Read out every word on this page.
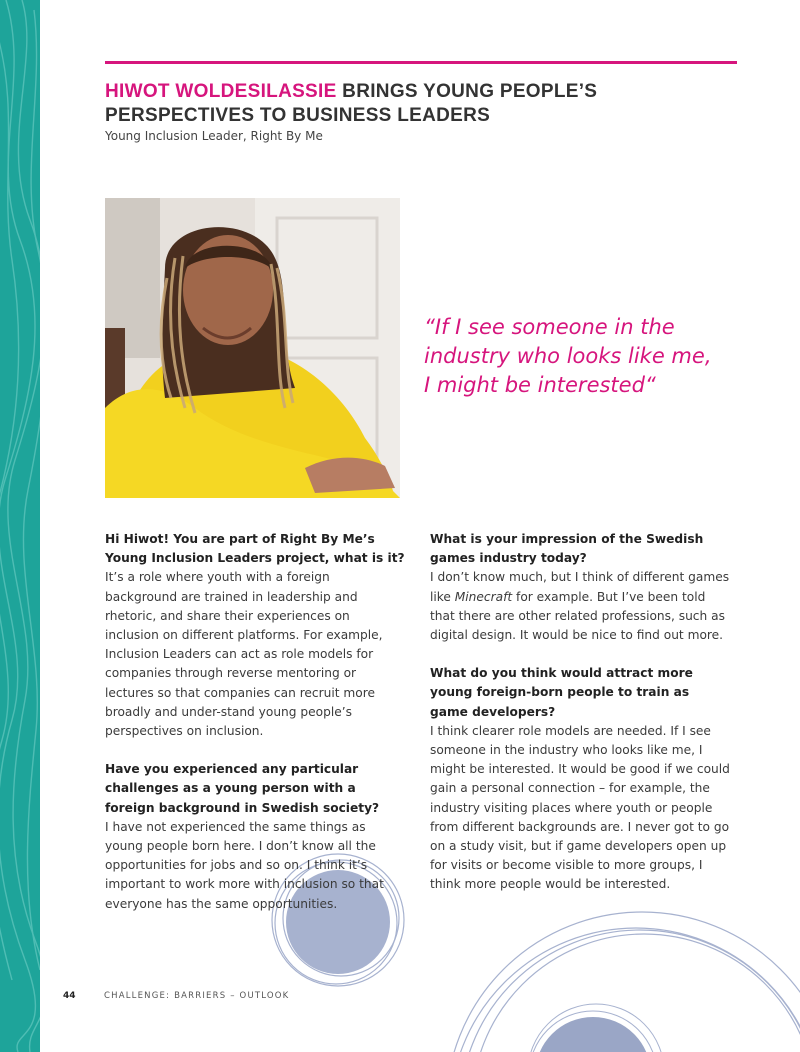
HIWOT WOLDESILASSIE BRINGS YOUNG PEOPLE’S PERSPECTIVES TO BUSINESS LEADERS
Young Inclusion Leader, Right By Me
“If I see someone in the industry who looks like me, I might be interested“

Hi Hiwot! You are part of Right By Me’s Young Inclusion Leaders project, what is it?

It’s a role where youth with a foreign background are trained in leadership and rhetoric, and share their experiences on inclusion on different platforms. For example, Inclusion Leaders can act as role models for companies through reverse mentoring or lectures so that companies can recruit more broadly and under-stand young people’s perspectives on inclusion.

Have you experienced any particular challenges as a young person with a foreign background in Swedish society?

I have not experienced the same things as young people born here. I don’t know all the opportunities for jobs and so on. I think it’s important to work more with inclusion so that everyone has the same opportunities.

What is your impression of the Swedish games industry today?

I don’t know much, but I think of different games like Minecraft for example. But I’ve been told that there are other related professions, such as digital design. It would be nice to find out more.

What do you think would attract more young foreign-born people to train as game developers?

I think clearer role models are needed. If I see someone in the industry who looks like me, I might be interested. It would be good if we could gain a personal connection – for example, the industry visiting places where youth or people from different backgrounds are. I never got to go on a study visit, but if game developers open up for visits or become visible to more groups, I think more people would be interested.

44	CHALLENGE: BARRIERS – OUTLOOK
